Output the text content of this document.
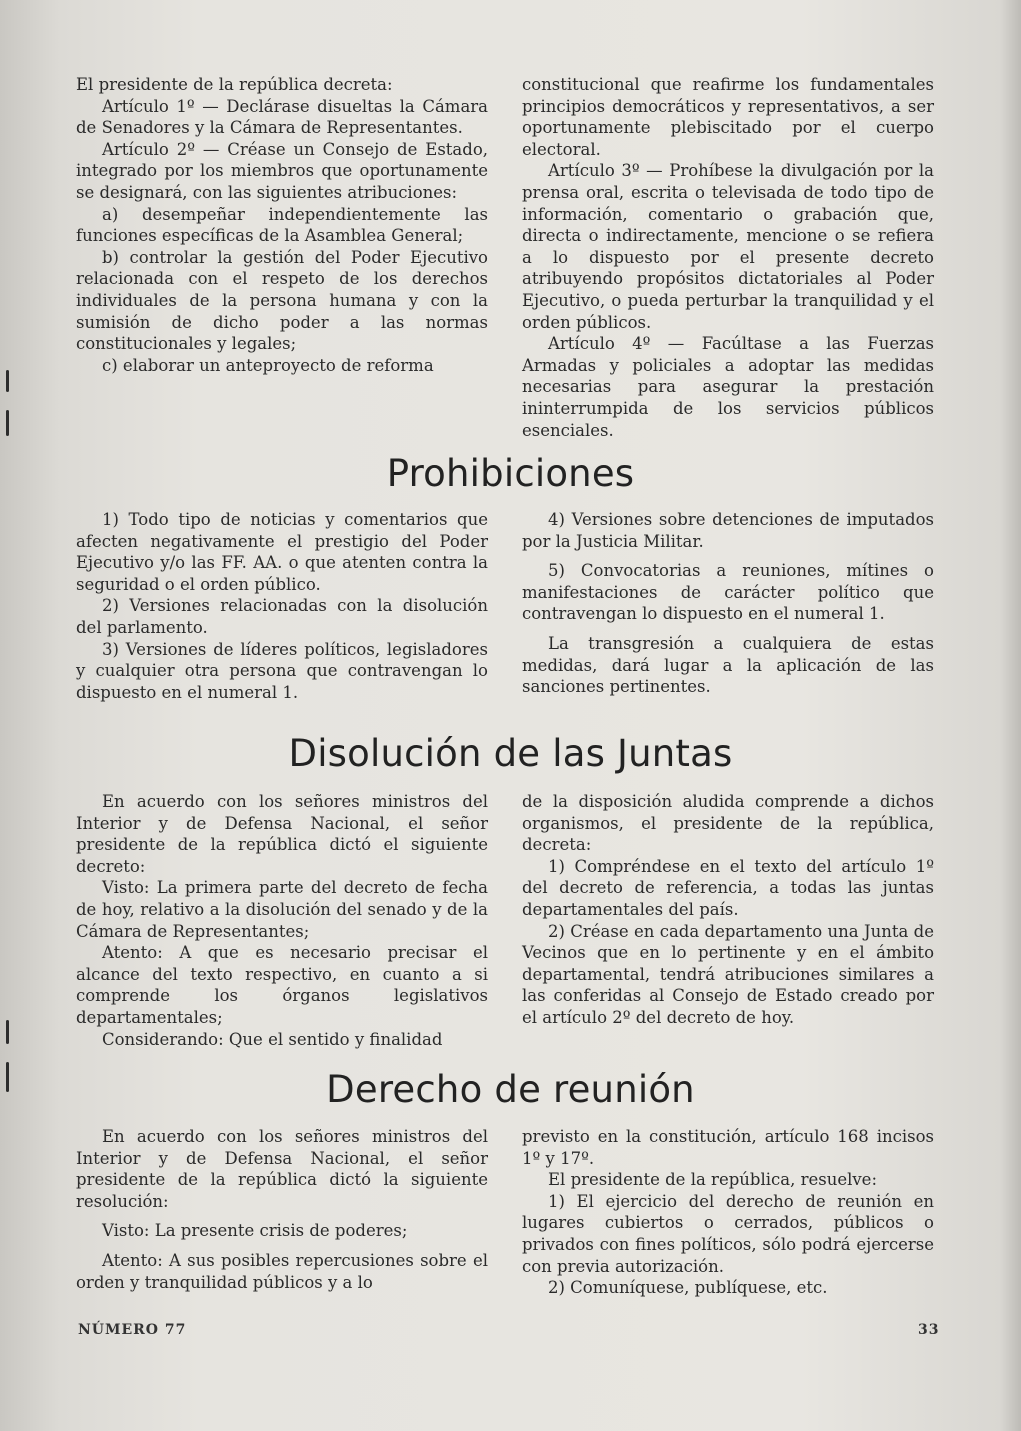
El presidente de la república decreta:

Artículo 1º — Declárase disueltas la Cámara de Senadores y la Cámara de Representantes.

Artículo 2º — Créase un Consejo de Estado, integrado por los miembros que oportunamente se designará, con las siguientes atribuciones:

a) desempeñar independientemente las funciones específicas de la Asamblea General;

b) controlar la gestión del Poder Ejecutivo relacionada con el respeto de los derechos individuales de la persona humana y con la sumisión de dicho poder a las normas constitucionales y legales;

c) elaborar un anteproyecto de reforma

constitucional que reafirme los fundamentales principios democráticos y representativos, a ser oportunamente plebiscitado por el cuerpo electoral.

Artículo 3º — Prohíbese la divulgación por la prensa oral, escrita o televisada de todo tipo de información, comentario o grabación que, directa o indirectamente, mencione o se refiera a lo dispuesto por el presente decreto atribuyendo propósitos dictatoriales al Poder Ejecutivo, o pueda perturbar la tranquilidad y el orden públicos.

Artículo 4º — Facúltase a las Fuerzas Armadas y policiales a adoptar las medidas necesarias para asegurar la prestación ininterrumpida de los servicios públicos esenciales.

Prohibiciones

1) Todo tipo de noticias y comentarios que afecten negativamente el prestigio del Poder Ejecutivo y/o las FF. AA. o que atenten contra la seguridad o el orden público.

2) Versiones relacionadas con la disolución del parlamento.

3) Versiones de líderes políticos, legisladores y cualquier otra persona que contravengan lo dispuesto en el numeral 1.

4) Versiones sobre detenciones de imputados por la Justicia Militar.

5) Convocatorias a reuniones, mítines o manifestaciones de carácter político que contravengan lo dispuesto en el numeral 1.

La transgresión a cualquiera de estas medidas, dará lugar a la aplicación de las sanciones pertinentes.

Disolución de las Juntas

En acuerdo con los señores ministros del Interior y de Defensa Nacional, el señor presidente de la república dictó el siguiente decreto:

Visto: La primera parte del decreto de fecha de hoy, relativo a la disolución del senado y de la Cámara de Representantes;

Atento: A que es necesario precisar el alcance del texto respectivo, en cuanto a si comprende los órganos legislativos departamentales;

Considerando: Que el sentido y finalidad

de la disposición aludida comprende a dichos organismos, el presidente de la república, decreta:

1) Compréndese en el texto del artículo 1º del decreto de referencia, a todas las juntas departamentales del país.

2) Créase en cada departamento una Junta de Vecinos que en lo pertinente y en el ámbito departamental, tendrá atribuciones similares a las conferidas al Consejo de Estado creado por el artículo 2º del decreto de hoy.

Derecho de reunión

En acuerdo con los señores ministros del Interior y de Defensa Nacional, el señor presidente de la república dictó la siguiente resolución:

Visto: La presente crisis de poderes;

Atento: A sus posibles repercusiones sobre el orden y tranquilidad públicos y a lo

previsto en la constitución, artículo 168 incisos 1º y 17º.

El presidente de la república, resuelve:

1) El ejercicio del derecho de reunión en lugares cubiertos o cerrados, públicos o privados con fines políticos, sólo podrá ejercerse con previa autorización.

2) Comuníquese, publíquese, etc.

NÚMERO 77	33
